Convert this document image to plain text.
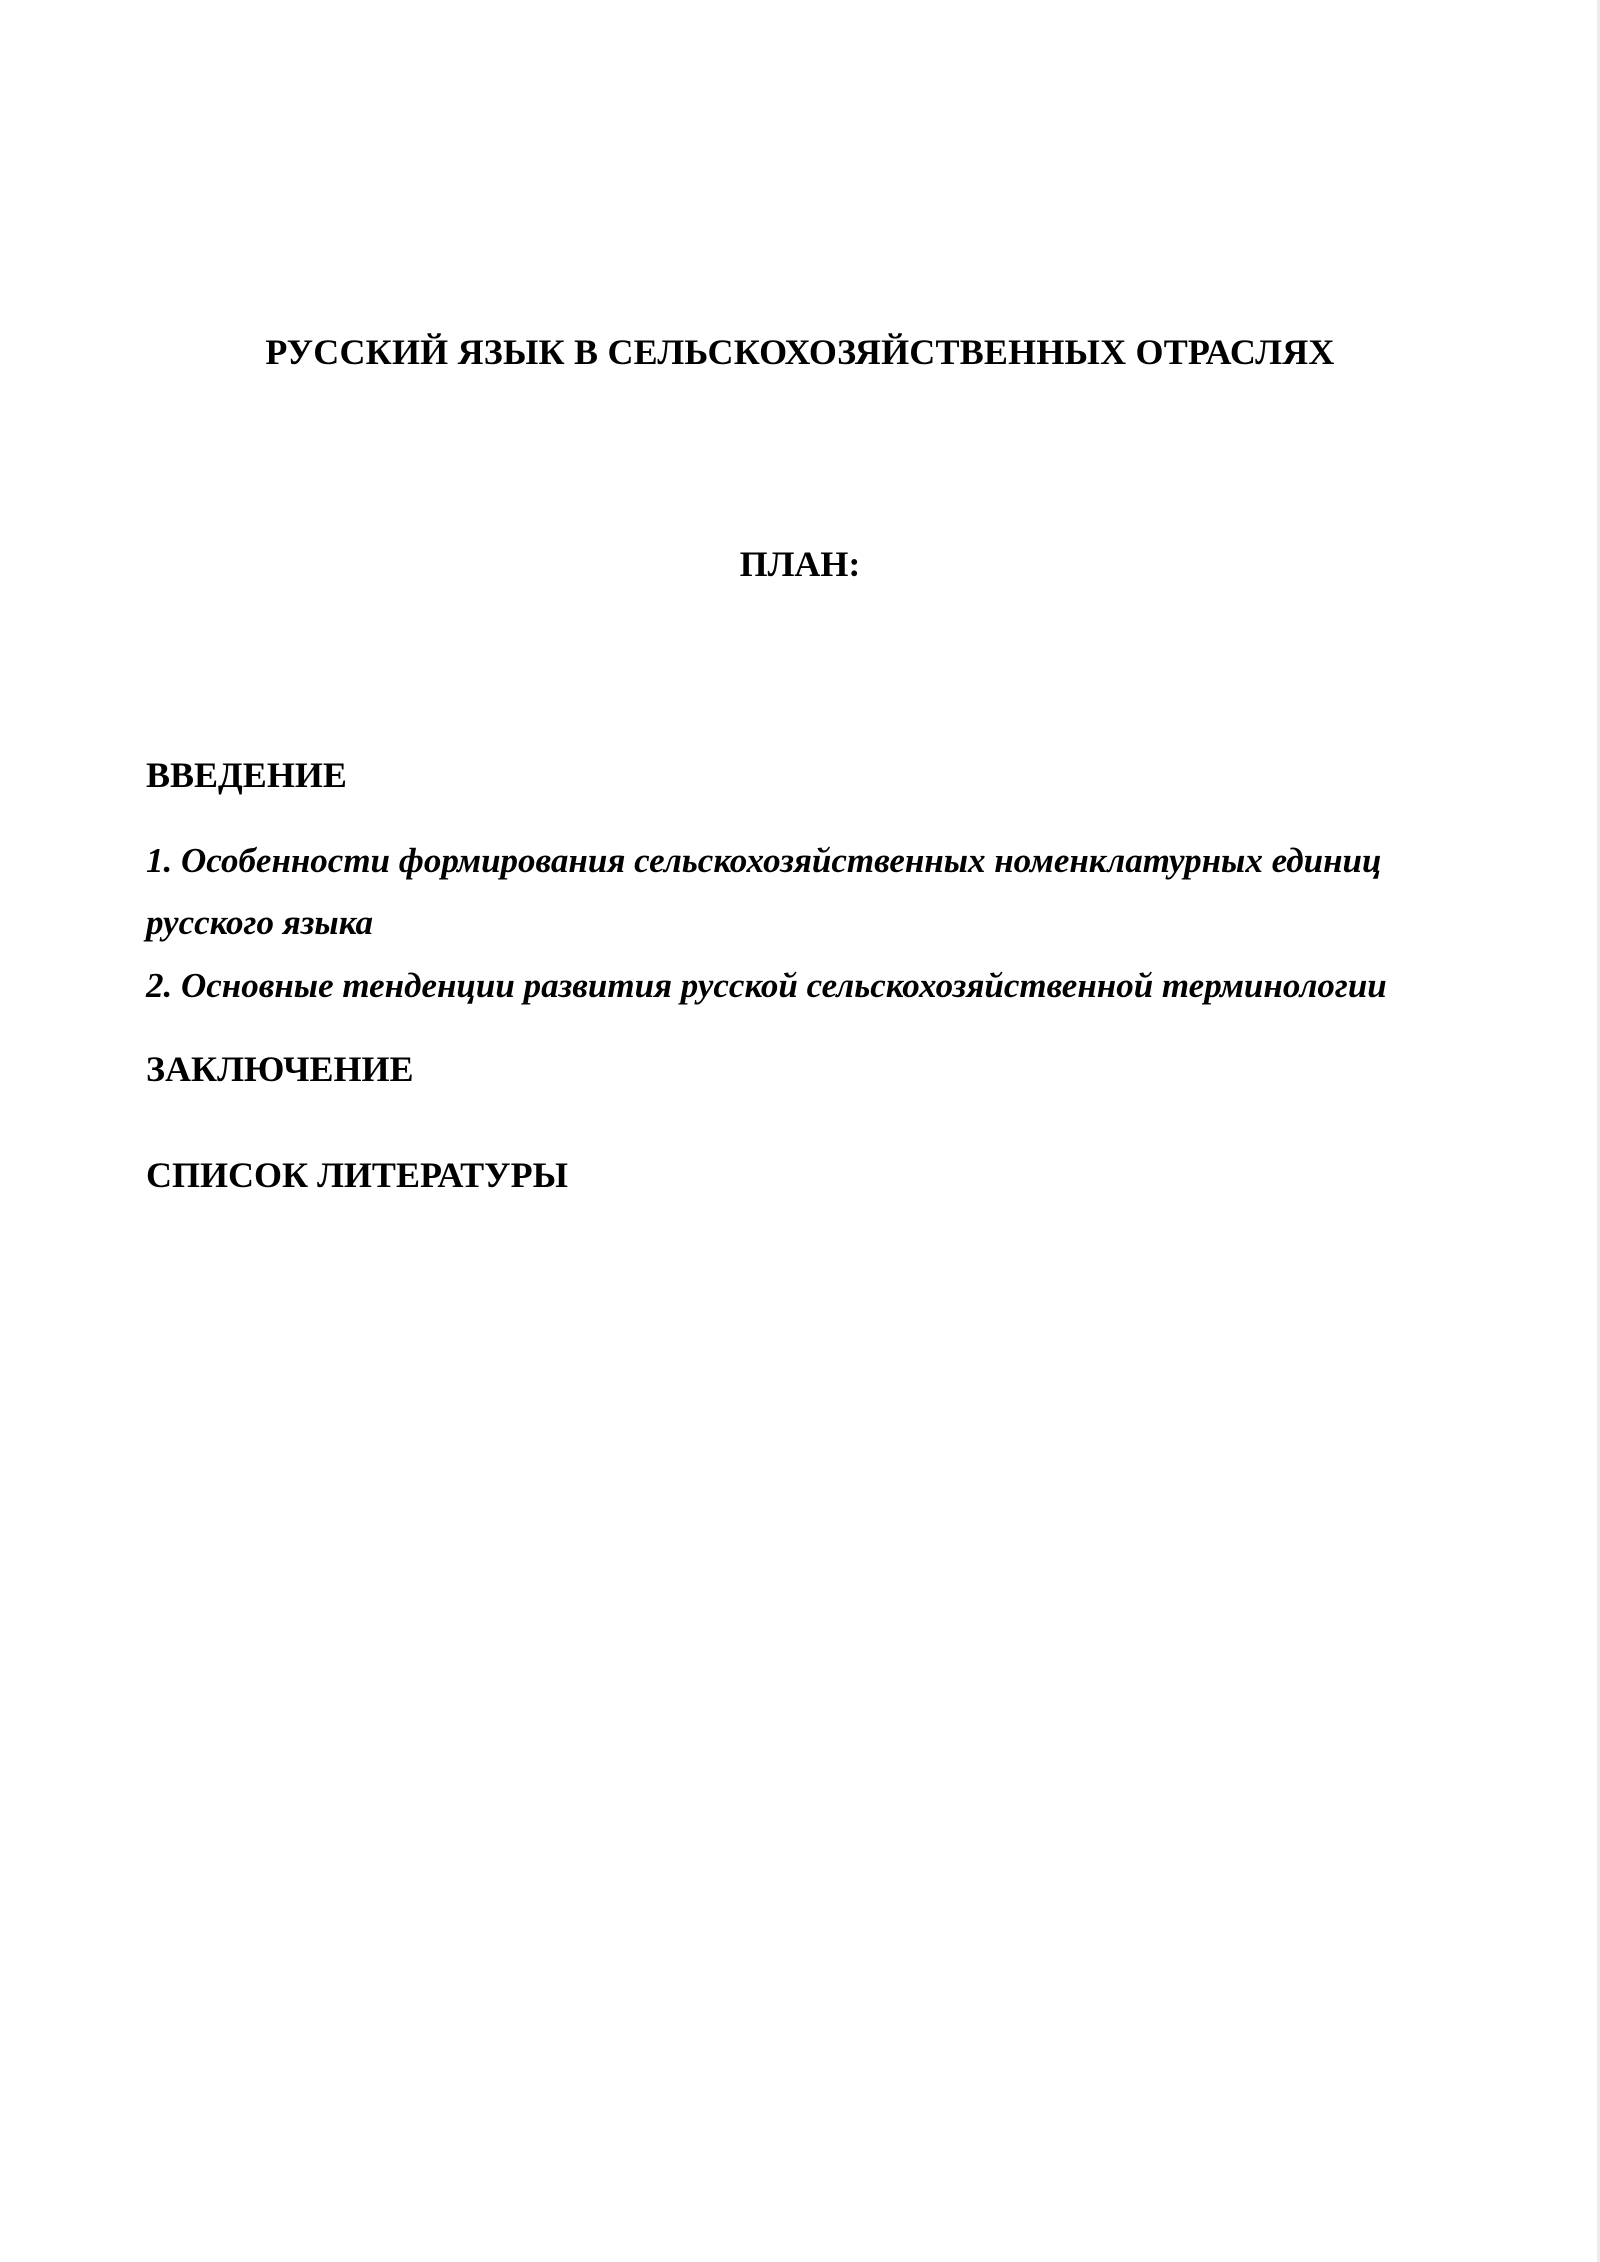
РУССКИЙ ЯЗЫК В СЕЛЬСКОХОЗЯЙСТВЕННЫХ ОТРАСЛЯХ
ПЛАН:

ВВЕДЕНИЕ

1. Особенности формирования сельскохозяйственных номенклатурных единиц русского языка

2. Основные тенденции развития русской сельскохозяйственной терминологии

ЗАКЛЮЧЕНИЕ

СПИСОК ЛИТЕРАТУРЫ
